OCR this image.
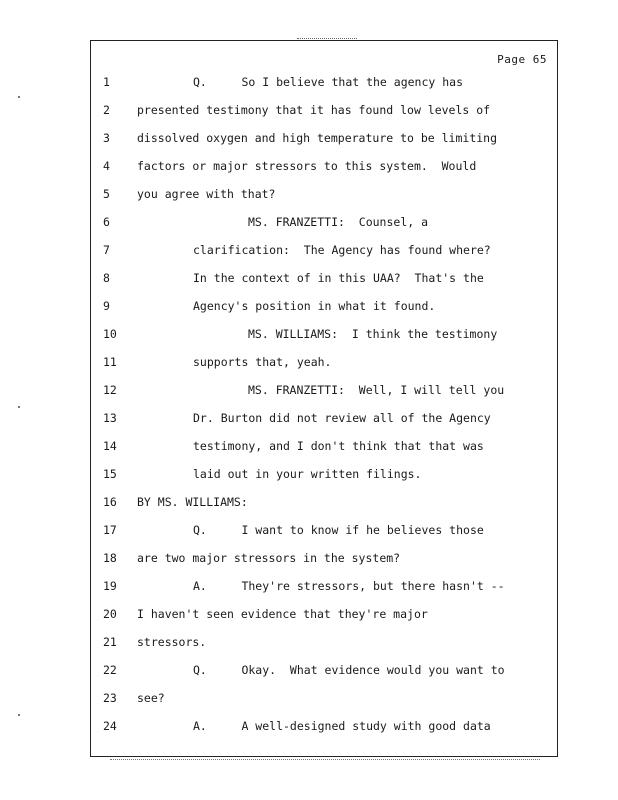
Page 65
1	Q.     So I believe that the agency has
2	presented testimony that it has found low levels of
3	dissolved oxygen and high temperature to be limiting
4	factors or major stressors to this system.  Would
5	you agree with that?
6	MS. FRANZETTI:  Counsel, a
7	clarification:  The Agency has found where?
8	In the context of in this UAA?  That's the
9	Agency's position in what it found.
10	MS. WILLIAMS:  I think the testimony
11	supports that, yeah.
12	MS. FRANZETTI:  Well, I will tell you
13	Dr. Burton did not review all of the Agency
14	testimony, and I don't think that that was
15	laid out in your written filings.
16	BY MS. WILLIAMS:
17	Q.     I want to know if he believes those
18	are two major stressors in the system?
19	A.     They're stressors, but there hasn't --
20	I haven't seen evidence that they're major
21	stressors.
22	Q.     Okay.  What evidence would you want to
23	see?
24	A.     A well-designed study with good data
